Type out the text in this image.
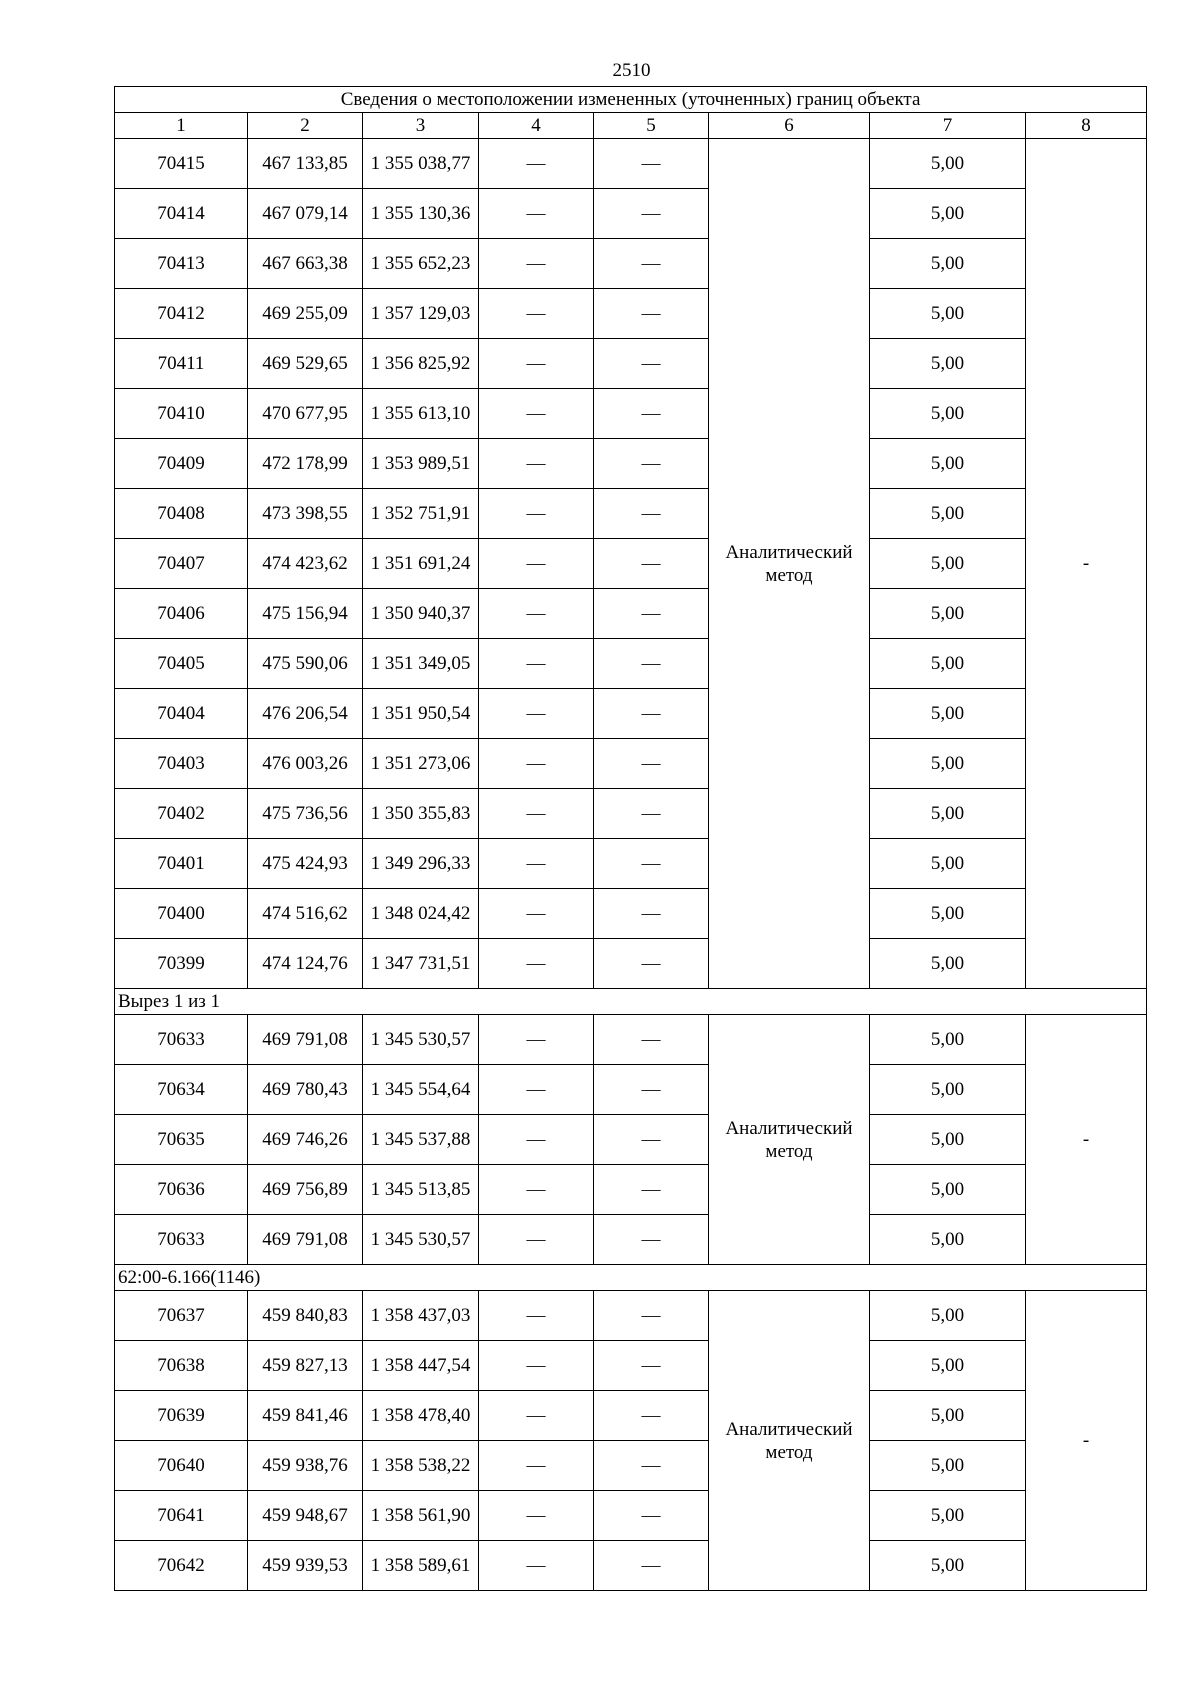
2510
Сведения о местоположении измененных (уточненных) границ объекта							
1	2	3	4	5	6	7	8
70415	467 133,85	1 355 038,77	—	—	Аналитический метод	5,00	-
70414	467 079,14	1 355 130,36	—	—		5,00	
70413	467 663,38	1 355 652,23	—	—		5,00	
70412	469 255,09	1 357 129,03	—	—		5,00	
70411	469 529,65	1 356 825,92	—	—		5,00	
70410	470 677,95	1 355 613,10	—	—		5,00	
70409	472 178,99	1 353 989,51	—	—		5,00	
70408	473 398,55	1 352 751,91	—	—		5,00	
70407	474 423,62	1 351 691,24	—	—		5,00	
70406	475 156,94	1 350 940,37	—	—		5,00	
70405	475 590,06	1 351 349,05	—	—		5,00	
70404	476 206,54	1 351 950,54	—	—		5,00	
70403	476 003,26	1 351 273,06	—	—		5,00	
70402	475 736,56	1 350 355,83	—	—		5,00	
70401	475 424,93	1 349 296,33	—	—		5,00	
70400	474 516,62	1 348 024,42	—	—		5,00	
70399	474 124,76	1 347 731,51	—	—		5,00	
Вырез 1 из 1							
70633	469 791,08	1 345 530,57	—	—	Аналитический метод	5,00	-
70634	469 780,43	1 345 554,64	—	—		5,00	
70635	469 746,26	1 345 537,88	—	—		5,00	
70636	469 756,89	1 345 513,85	—	—		5,00	
70633	469 791,08	1 345 530,57	—	—		5,00	
62:00-6.166(1146)							
70637	459 840,83	1 358 437,03	—	—	Аналитический метод	5,00	-
70638	459 827,13	1 358 447,54	—	—		5,00	
70639	459 841,46	1 358 478,40	—	—		5,00	
70640	459 938,76	1 358 538,22	—	—		5,00	
70641	459 948,67	1 358 561,90	—	—		5,00	
70642	459 939,53	1 358 589,61	—	—		5,00	
